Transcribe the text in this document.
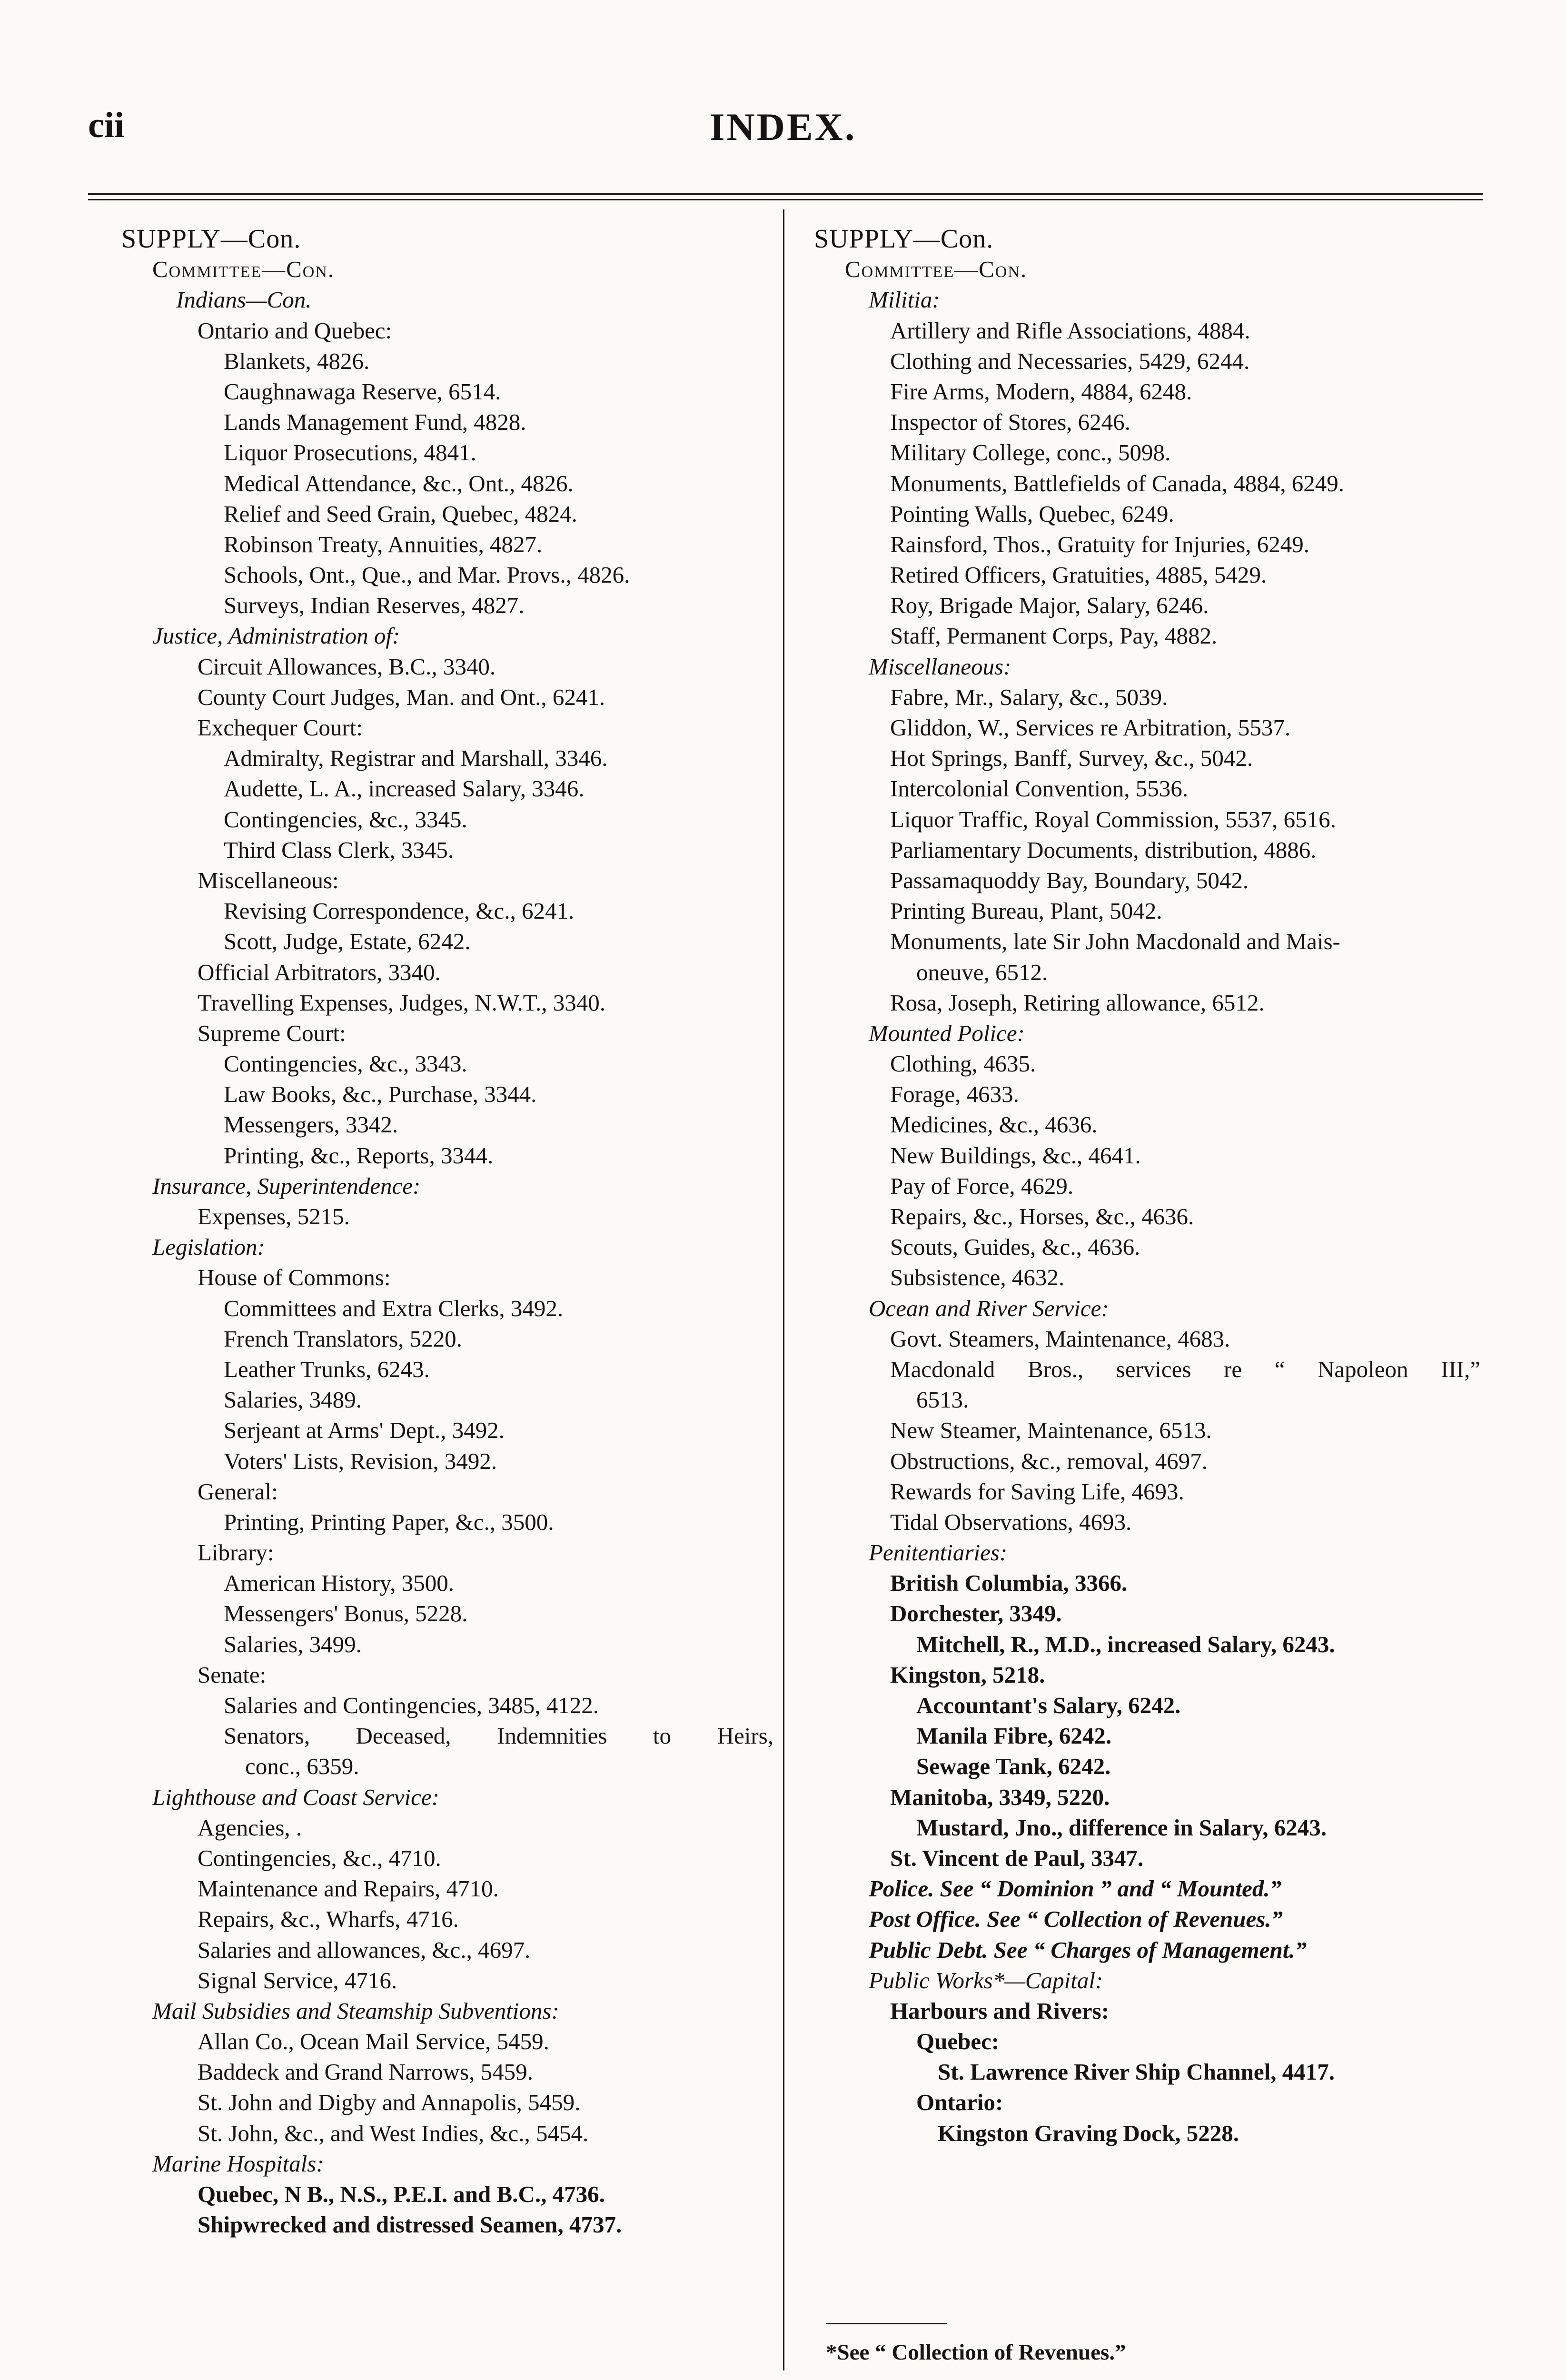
cii	INDEX.
SUPPLY—Con.
Committee—Con.
Indians—Con.
Ontario and Quebec:
Blankets, 4826.
Caughnawaga Reserve, 6514.
Lands Management Fund, 4828.
Liquor Prosecutions, 4841.
Medical Attendance, &c., Ont., 4826.
Relief and Seed Grain, Quebec, 4824.
Robinson Treaty, Annuities, 4827.
Schools, Ont., Que., and Mar. Provs., 4826.
Surveys, Indian Reserves, 4827.
Justice, Administration of:
Circuit Allowances, B.C., 3340.
County Court Judges, Man. and Ont., 6241.
Exchequer Court:
Admiralty, Registrar and Marshall, 3346.
Audette, L. A., increased Salary, 3346.
Contingencies, &c., 3345.
Third Class Clerk, 3345.
Miscellaneous:
Revising Correspondence, &c., 6241.
Scott, Judge, Estate, 6242.
Official Arbitrators, 3340.
Travelling Expenses, Judges, N.W.T., 3340.
Supreme Court:
Contingencies, &c., 3343.
Law Books, &c., Purchase, 3344.
Messengers, 3342.
Printing, &c., Reports, 3344.
Insurance, Superintendence:
Expenses, 5215.
Legislation:
House of Commons:
Committees and Extra Clerks, 3492.
French Translators, 5220.
Leather Trunks, 6243.
Salaries, 3489.
Serjeant at Arms' Dept., 3492.
Voters' Lists, Revision, 3492.
General:
Printing, Printing Paper, &c., 3500.
Library:
American History, 3500.
Messengers' Bonus, 5228.
Salaries, 3499.
Senate:
Salaries and Contingencies, 3485, 4122.
Senators, Deceased, Indemnities to Heirs,
conc., 6359.
Lighthouse and Coast Service:
Agencies, .
Contingencies, &c., 4710.
Maintenance and Repairs, 4710.
Repairs, &c., Wharfs, 4716.
Salaries and allowances, &c., 4697.
Signal Service, 4716.
Mail Subsidies and Steamship Subventions:
Allan Co., Ocean Mail Service, 5459.
Baddeck and Grand Narrows, 5459.
St. John and Digby and Annapolis, 5459.
St. John, &c., and West Indies, &c., 5454.
Marine Hospitals:
Quebec, N B., N.S., P.E.I. and B.C., 4736.
Shipwrecked and distressed Seamen, 4737.
SUPPLY—Con.
Committee—Con.
Militia:
Artillery and Rifle Associations, 4884.
Clothing and Necessaries, 5429, 6244.
Fire Arms, Modern, 4884, 6248.
Inspector of Stores, 6246.
Military College, conc., 5098.
Monuments, Battlefields of Canada, 4884, 6249.
Pointing Walls, Quebec, 6249.
Rainsford, Thos., Gratuity for Injuries, 6249.
Retired Officers, Gratuities, 4885, 5429.
Roy, Brigade Major, Salary, 6246.
Staff, Permanent Corps, Pay, 4882.
Miscellaneous:
Fabre, Mr., Salary, &c., 5039.
Gliddon, W., Services re Arbitration, 5537.
Hot Springs, Banff, Survey, &c., 5042.
Intercolonial Convention, 5536.
Liquor Traffic, Royal Commission, 5537, 6516.
Parliamentary Documents, distribution, 4886.
Passamaquoddy Bay, Boundary, 5042.
Printing Bureau, Plant, 5042.
Monuments, late Sir John Macdonald and Mais-
oneuve, 6512.
Rosa, Joseph, Retiring allowance, 6512.
Mounted Police:
Clothing, 4635.
Forage, 4633.
Medicines, &c., 4636.
New Buildings, &c., 4641.
Pay of Force, 4629.
Repairs, &c., Horses, &c., 4636.
Scouts, Guides, &c., 4636.
Subsistence, 4632.
Ocean and River Service:
Govt. Steamers, Maintenance, 4683.
Macdonald Bros., services re “ Napoleon III,”
6513.
New Steamer, Maintenance, 6513.
Obstructions, &c., removal, 4697.
Rewards for Saving Life, 4693.
Tidal Observations, 4693.
Penitentiaries:
British Columbia, 3366.
Dorchester, 3349.
Mitchell, R., M.D., increased Salary, 6243.
Kingston, 5218.
Accountant's Salary, 6242.
Manila Fibre, 6242.
Sewage Tank, 6242.
Manitoba, 3349, 5220.
Mustard, Jno., difference in Salary, 6243.
St. Vincent de Paul, 3347.
Police. See “ Dominion ” and “ Mounted.”
Post Office. See “ Collection of Revenues.”
Public Debt. See “ Charges of Management.”
Public Works*—Capital:
Harbours and Rivers:
Quebec:
St. Lawrence River Ship Channel, 4417.
Ontario:
Kingston Graving Dock, 5228.
*See “ Collection of Revenues.”
